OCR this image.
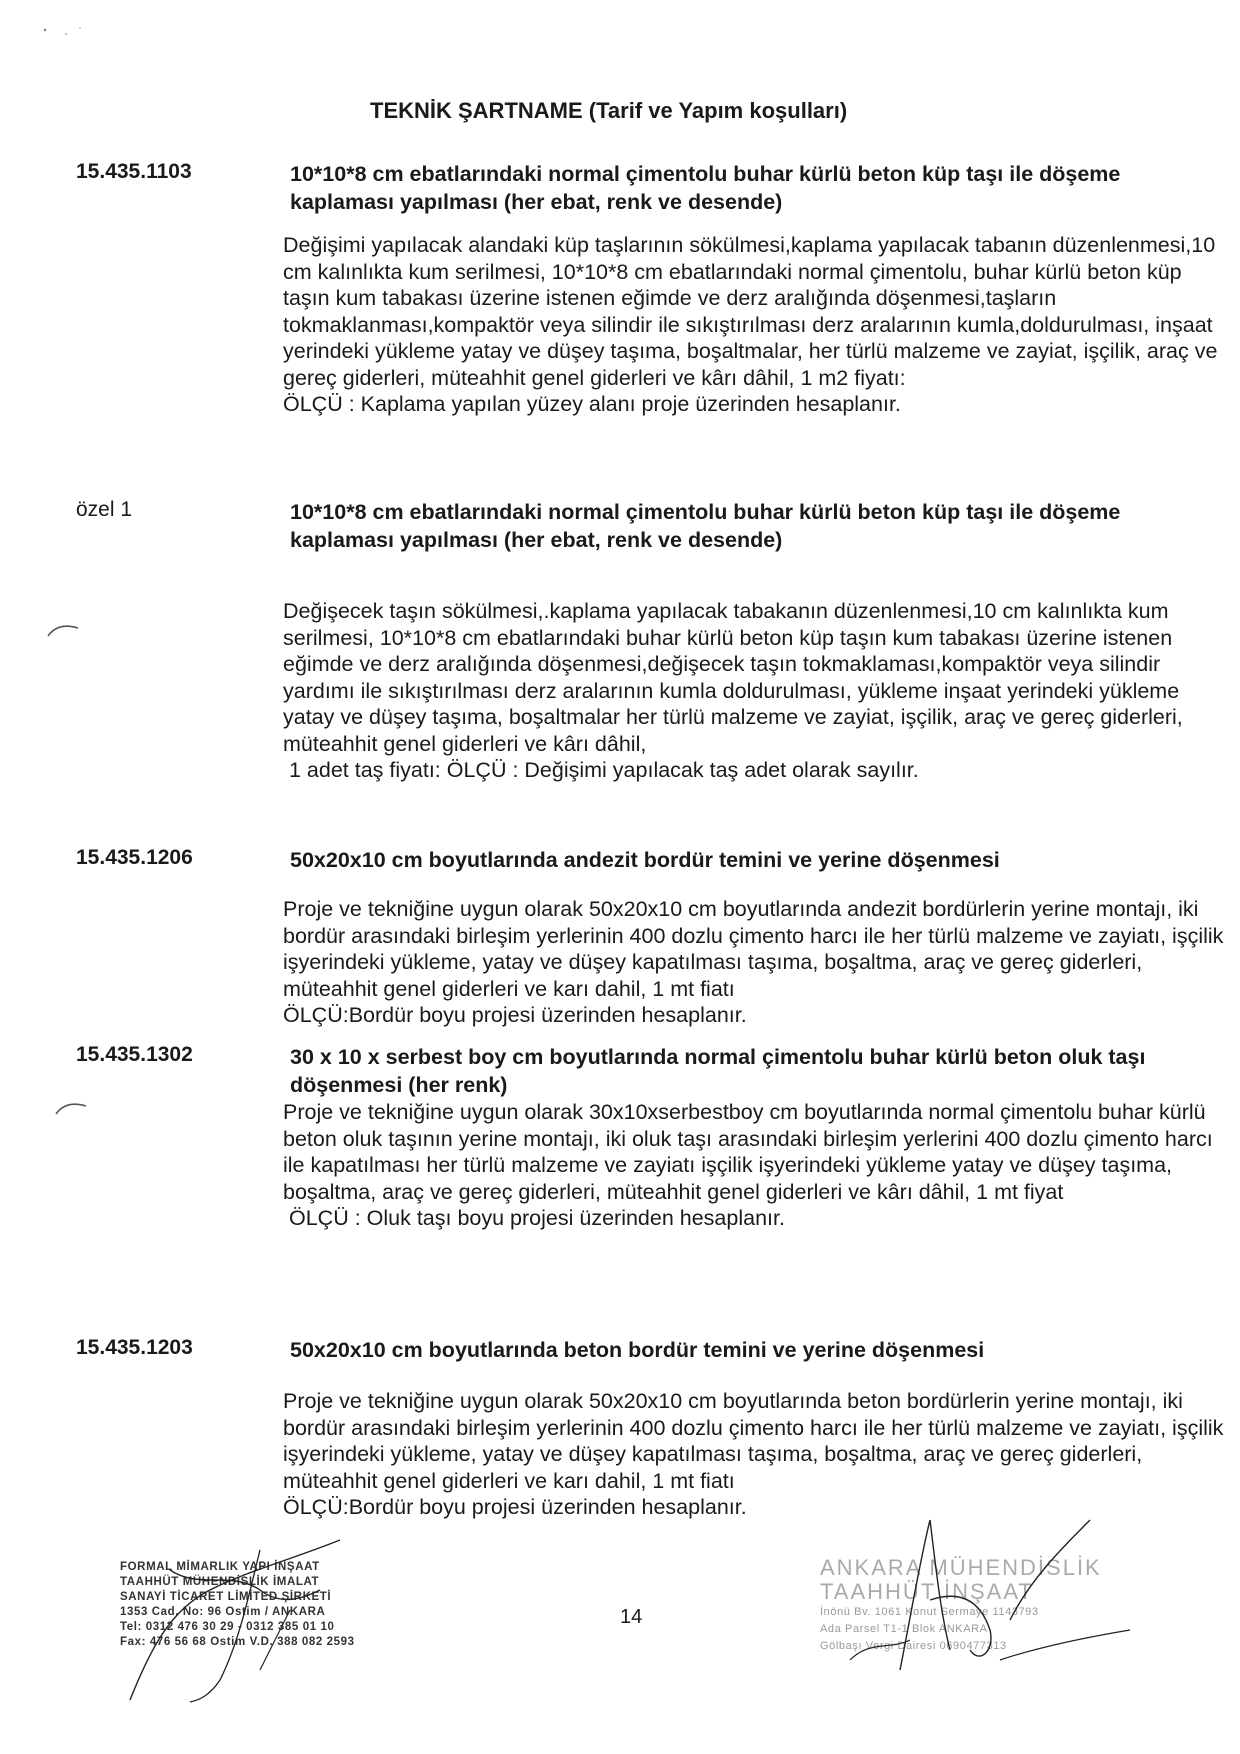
TEKNİK ŞARTNAME (Tarif ve Yapım koşulları)
15.435.1103	10*10*8 cm ebatlarındaki normal çimentolu buhar kürlü beton küp taşı ile döşeme kaplaması yapılması (her ebat, renk ve desende)

Değişimi yapılacak alandaki küp taşlarının sökülmesi,kaplama yapılacak tabanın düzenlenmesi,10 cm kalınlıkta kum serilmesi, 10*10*8 cm ebatlarındaki normal çimentolu, buhar kürlü beton küp taşın kum tabakası üzerine istenen eğimde ve derz aralığında döşenmesi,taşların tokmaklanması,kompaktör veya silindir ile sıkıştırılması derz aralarının kumla,doldurulması, inşaat yerindeki yükleme yatay ve düşey taşıma, boşaltmalar, her türlü malzeme ve zayiat, işçilik, araç ve gereç giderleri, müteahhit genel giderleri ve kârı dâhil, 1 m2 fiyatı:

ÖLÇÜ : Kaplama yapılan yüzey alanı proje üzerinden hesaplanır.
özel 1	10*10*8 cm ebatlarındaki normal çimentolu buhar kürlü beton küp taşı ile döşeme kaplaması yapılması (her ebat, renk ve desende)

Değişecek taşın sökülmesi,.kaplama yapılacak tabakanın düzenlenmesi,10 cm kalınlıkta kum serilmesi, 10*10*8 cm ebatlarındaki buhar kürlü beton küp taşın kum tabakası üzerine istenen eğimde ve derz aralığında döşenmesi,değişecek taşın tokmaklaması,kompaktör veya silindir yardımı ile sıkıştırılması derz aralarının kumla doldurulması, yükleme inşaat yerindeki yükleme yatay ve düşey taşıma, boşaltmalar her türlü malzeme ve zayiat, işçilik, araç ve gereç giderleri, müteahhit genel giderleri ve kârı dâhil,

1 adet taş fiyatı: ÖLÇÜ : Değişimi yapılacak taş adet olarak sayılır.
15.435.1206	50x20x10 cm boyutlarında andezit bordür temini ve yerine döşenmesi

Proje ve tekniğine uygun olarak 50x20x10 cm boyutlarında andezit bordürlerin yerine montajı, iki bordür arasındaki birleşim yerlerinin 400 dozlu çimento harcı ile her türlü malzeme ve zayiatı, işçilik işyerindeki yükleme, yatay ve düşey kapatılması taşıma, boşaltma, araç ve gereç giderleri, müteahhit genel giderleri ve karı dahil, 1 mt fiatı

ÖLÇÜ:Bordür boyu projesi üzerinden hesaplanır.
15.435.1302	30 x 10 x serbest boy cm boyutlarında normal çimentolu buhar kürlü beton oluk taşı döşenmesi (her renk)

Proje ve tekniğine uygun olarak 30x10xserbestboy cm boyutlarında normal çimentolu buhar kürlü beton oluk taşının yerine montajı, iki oluk taşı arasındaki birleşim yerlerini 400 dozlu çimento harcı ile kapatılması her türlü malzeme ve zayiatı işçilik işyerindeki yükleme yatay ve düşey taşıma, boşaltma, araç ve gereç giderleri, müteahhit genel giderleri ve kârı dâhil, 1 mt fiyat

ÖLÇÜ : Oluk taşı boyu projesi üzerinden hesaplanır.
15.435.1203	50x20x10 cm boyutlarında beton bordür temini ve yerine döşenmesi

Proje ve tekniğine uygun olarak 50x20x10 cm boyutlarında beton bordürlerin yerine montajı, iki bordür arasındaki birleşim yerlerinin 400 dozlu çimento harcı ile her türlü malzeme ve zayiatı, işçilik işyerindeki yükleme, yatay ve düşey kapatılması taşıma, boşaltma, araç ve gereç giderleri, müteahhit genel giderleri ve karı dahil, 1 mt fiatı

ÖLÇÜ:Bordür boyu projesi üzerinden hesaplanır.
FORMAL MİMARLIK YAPI İNŞAAT
TAAHHÜT MÜHENDİSLİK İMALAT
SANAYİ TİCARET LİMİTED ŞİRKETİ
1353 Cad. No: 96 Ostim / ANKARA
Tel: 0312 476 30 29 - 0312 385 01 10
Fax: 476 56 68 Ostim V.D. 388 082 2593
14
ANKARA MÜHENDİSLİK
TAAHHÜT İNŞAAT
İnönü Bv. 1061 Konut Sermaye 1143793
Ada Parsel T1-1 Blok ANKARA
Gölbaşı Vergi Dairesi 0690477313
